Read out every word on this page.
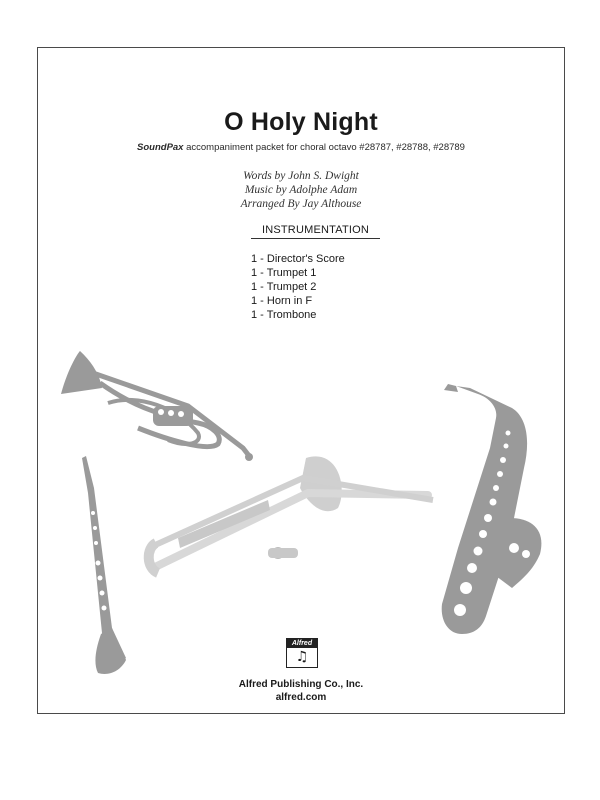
O Holy Night
SoundPax accompaniment packet for choral octavo #28787, #28788, #28789
Words by John S. Dwight
Music by Adolphe Adam
Arranged By Jay Althouse
INSTRUMENTATION
1 - Director's Score
1 - Trumpet 1
1 - Trumpet 2
1 - Horn in F
1 - Trombone
Alfred
♫
Alfred Publishing Co., Inc.
alfred.com
